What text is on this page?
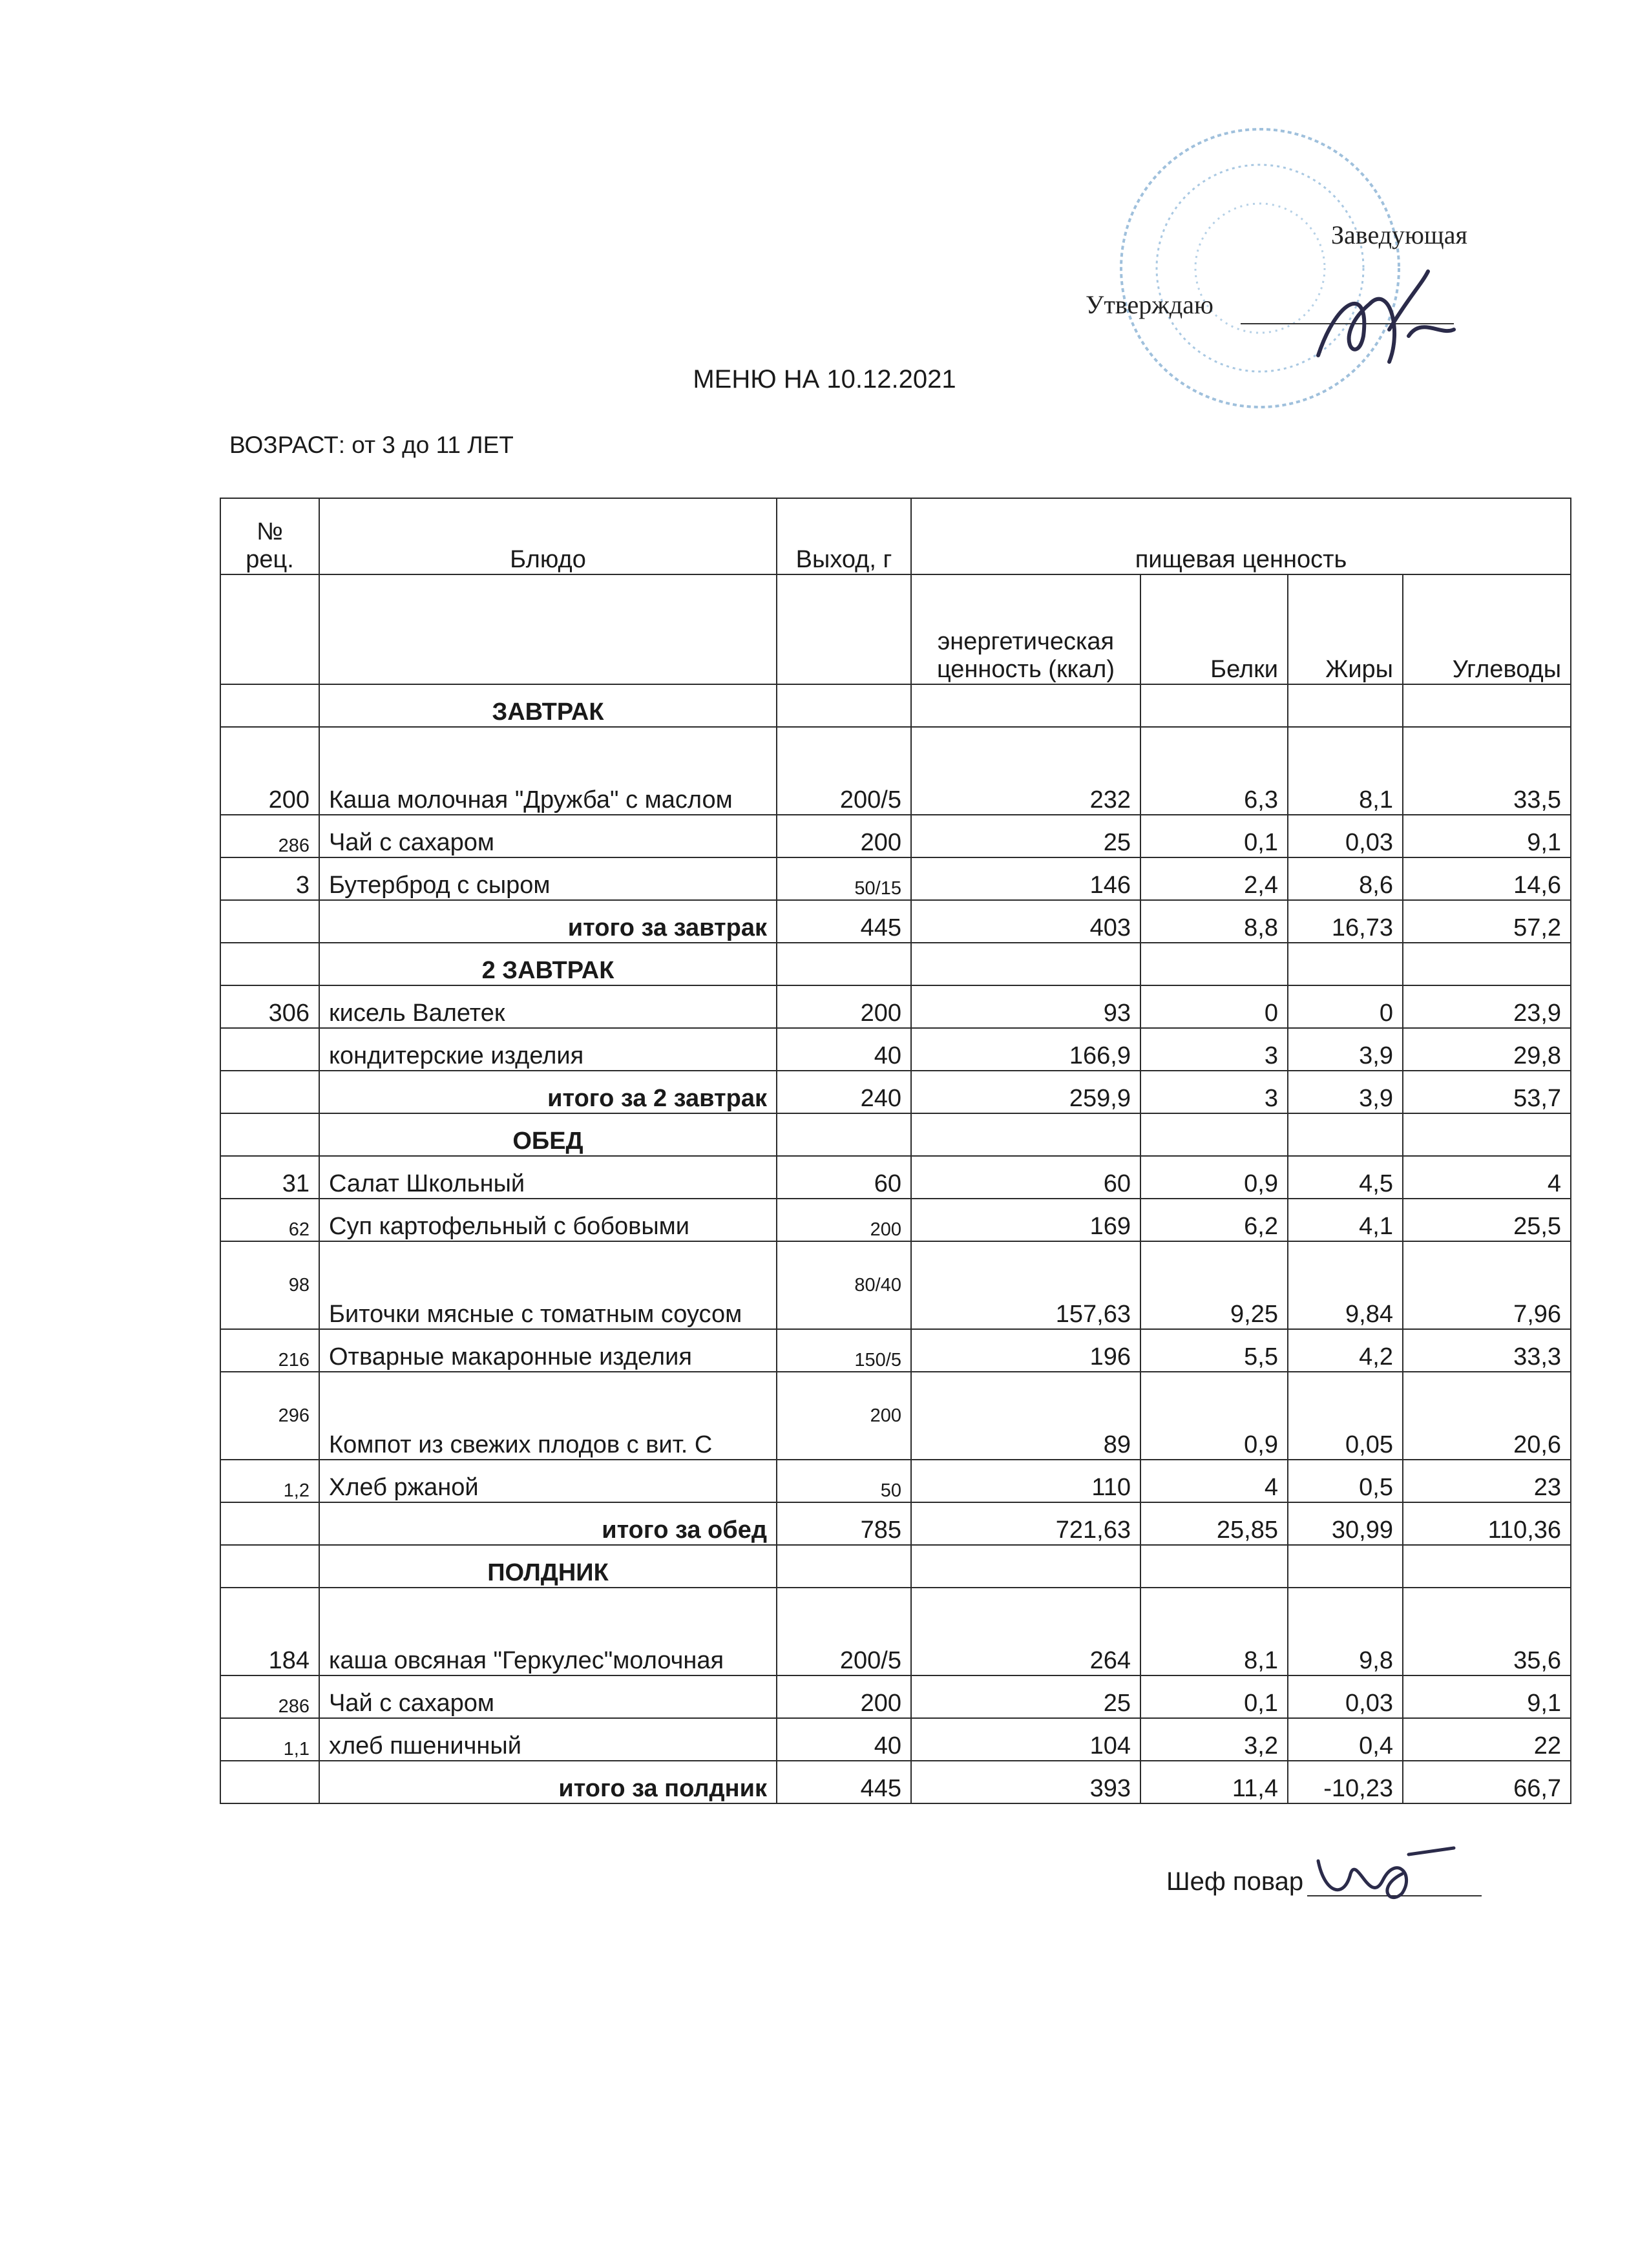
Заведующая
Утверждаю
МЕНЮ НА 10.12.2021
ВОЗРАСТ: от 3 до 11 ЛЕТ
№ рец.	Блюдо	Выход, г	пищевая ценность			
			энергетическая ценность (ккал)	Белки	Жиры	Углеводы
	ЗАВТРАК					
200	Каша молочная "Дружба" с маслом	200/5	232	6,3	8,1	33,5
286	Чай с сахаром	200	25	0,1	0,03	9,1
3	Бутерброд с сыром	50/15	146	2,4	8,6	14,6
	итого за завтрак	445	403	8,8	16,73	57,2
	2 ЗАВТРАК					
306	кисель Валетек	200	93	0	0	23,9
	кондитерские изделия	40	166,9	3	3,9	29,8
	итого за 2 завтрак	240	259,9	3	3,9	53,7
	ОБЕД					
31	Салат Школьный	60	60	0,9	4,5	4
62	Суп картофельный с бобовыми	200	169	6,2	4,1	25,5
98	Биточки мясные с томатным соусом	80/40	157,63	9,25	9,84	7,96
216	Отварные макаронные изделия	150/5	196	5,5	4,2	33,3
296	Компот из свежих плодов с вит. С	200	89	0,9	0,05	20,6
1,2	Хлеб ржаной	50	110	4	0,5	23
	итого за обед	785	721,63	25,85	30,99	110,36
	ПОЛДНИК					
184	каша овсяная "Геркулес"молочная	200/5	264	8,1	9,8	35,6
286	Чай с сахаром	200	25	0,1	0,03	9,1
1,1	хлеб пшеничный	40	104	3,2	0,4	22
	итого за полдник	445	393	11,4	-10,23	66,7
Шеф повар
